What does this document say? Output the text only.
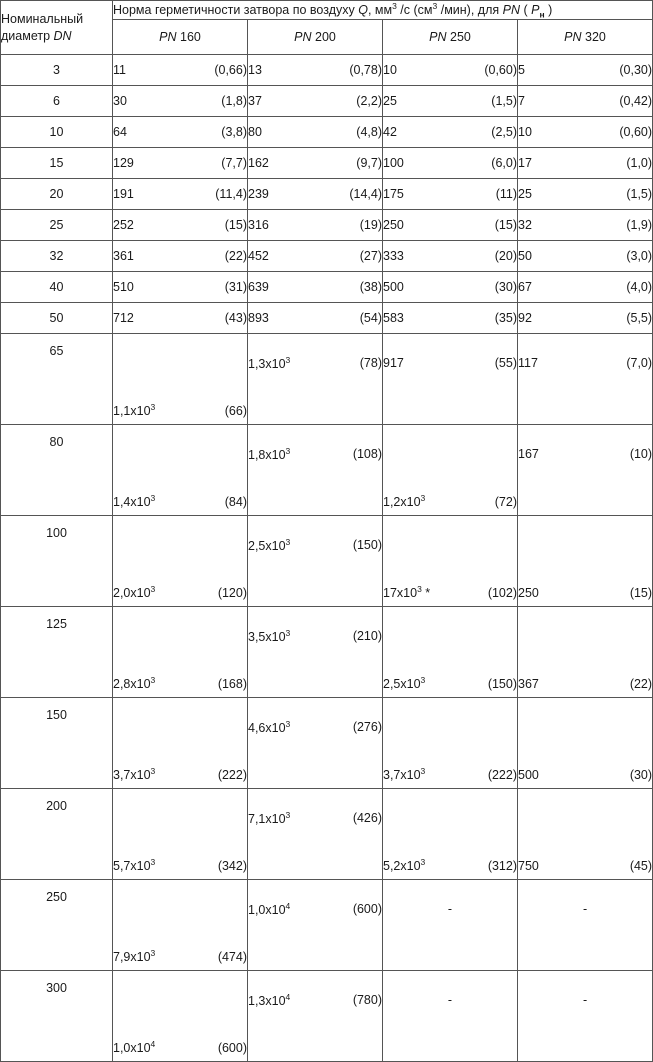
Номинальный
диаметр DN	Норма герметичности затвора по воздуху Q, $мм^3$ /с ($см^3$ /мин), для PN ( $P_н$ )			
	PN 160	PN 200	PN 250	PN 320
3	11 (0,66)	13 (0,78)	10 (0,60)	5 (0,30)

6	30 (1,8)	37 (2,2)	25 (1,5)	7 (0,42)

10	64 (3,8)	80 (4,8)	42 (2,5)	10 (0,60)

15	129 (7,7)	162 (9,7)	100 (6,0)	17 (1,0)

20	191 (11,4)	239 (14,4)	175 (11)	25 (1,5)

25	252 (15)	316 (19)	250 (15)	32 (1,9)

32	361 (22)	452 (27)	333 (20)	50 (3,0)

40	510 (31)	639 (38)	500 (30)	67 (4,0)

50	712 (43)	893 (54)	583 (35)	92 (5,5)

65	$1,1x10^3$ (66)	$1,3x10^3$ (78)	917 (55)	117 (7,0)

80	$1,4x10^3$ (84)	$1,8x10^3$ (108)	$1,2x10^3$ (72)	167 (10)

100	$2,0x10^3$ (120)	$2,5x10^3$ (150)	$17x10^3 * (102)$	250 (15)

125	$2,8x10^3$ (168)	$3,5x10^3$ (210)	$2,5x10^3$ (150)	367 (22)

150	$3,7x10^3$ (222)	$4,6x10^3$ (276)	$3,7x10^3$ (222)	500 (30)

200	$5,7x10^3$ (342)	$7,1x10^3$ (426)	$5,2x10^3$ (312)	750 (45)

250	$7,9x10^3$ (474)	$1,0x10^4$ (600)	-	-

300	$1,0x10^4$ (600)	$1,3x10^4$ (780)	-	-
